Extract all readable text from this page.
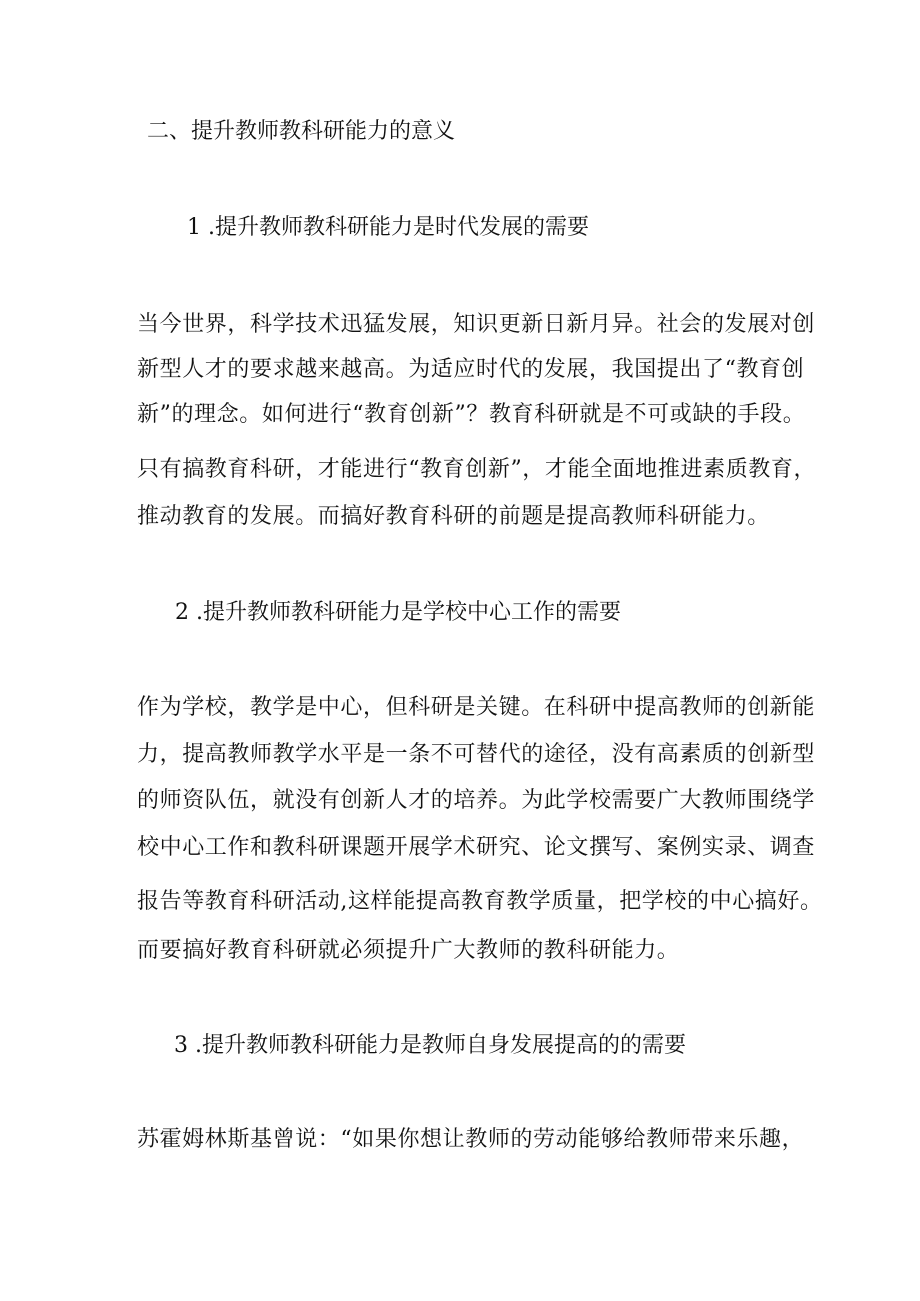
二、提升教师教科研能力的意义
1 .提升教师教科研能力是时代发展的需要
当今世界，科学技术迅猛发展，知识更新日新月异。社会的发展对创
新型人才的要求越来越高。为适应时代的发展，我国提出了“教育创
新”的理念。如何进行“教育创新”？教育科研就是不可或缺的手段。
只有搞教育科研，才能进行“教育创新”，才能全面地推进素质教育，
推动教育的发展。而搞好教育科研的前题是提高教师科研能力。
2 .提升教师教科研能力是学校中心工作的需要
作为学校，教学是中心，但科研是关键。在科研中提高教师的创新能
力，提高教师教学水平是一条不可替代的途径，没有高素质的创新型
的师资队伍，就没有创新人才的培养。为此学校需要广大教师围绕学
校中心工作和教科研课题开展学术研究、论文撰写、案例实录、调查
报告等教育科研活动,这样能提高教育教学质量，把学校的中心搞好。
而要搞好教育科研就必须提升广大教师的教科研能力。
3 .提升教师教科研能力是教师自身发展提高的的需要
苏霍姆林斯基曾说：“如果你想让教师的劳动能够给教师带来乐趣，
